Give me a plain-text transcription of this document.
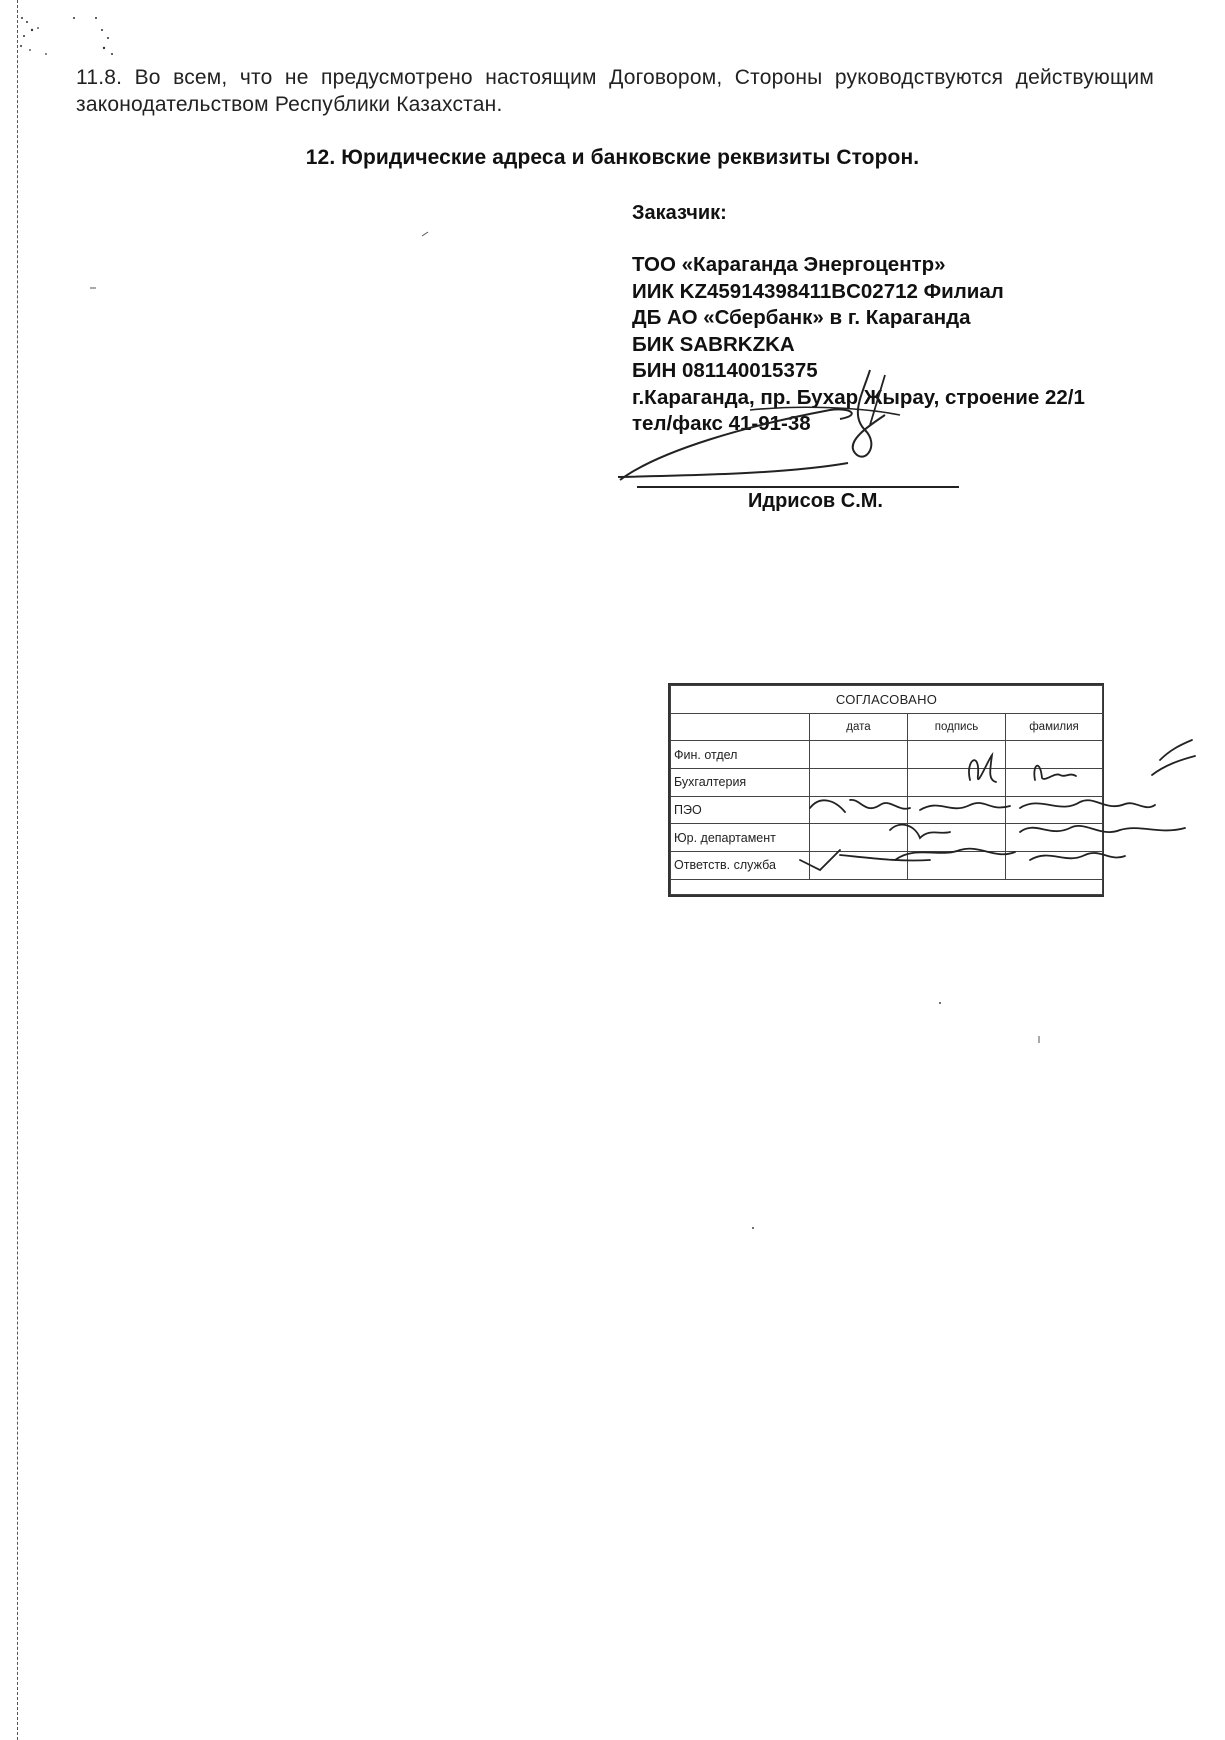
11.8. Во всем, что не предусмотрено настоящим Договором, Стороны руководствуются действующим законодательством Республики Казахстан.
12. Юридические адреса и банковские реквизиты Сторон.
Заказчик:
ТОО «Караганда Энергоцентр»
ИИК KZ45914398411BC02712 Филиал
ДБ АО «Сбербанк» в г. Караганда
БИК SABRKZKA
БИН 081140015375
г.Караганда, пр. Бухар Жырау, строение 22/1
тел/факс 41-91-38
Идрисов С.М.
СОГЛАСОВАНО			
	дата	подпись	фамилия
Фин. отдел			
Бухгалтерия			
ПЭО			
Юр. департамент			
Ответств. служба			
